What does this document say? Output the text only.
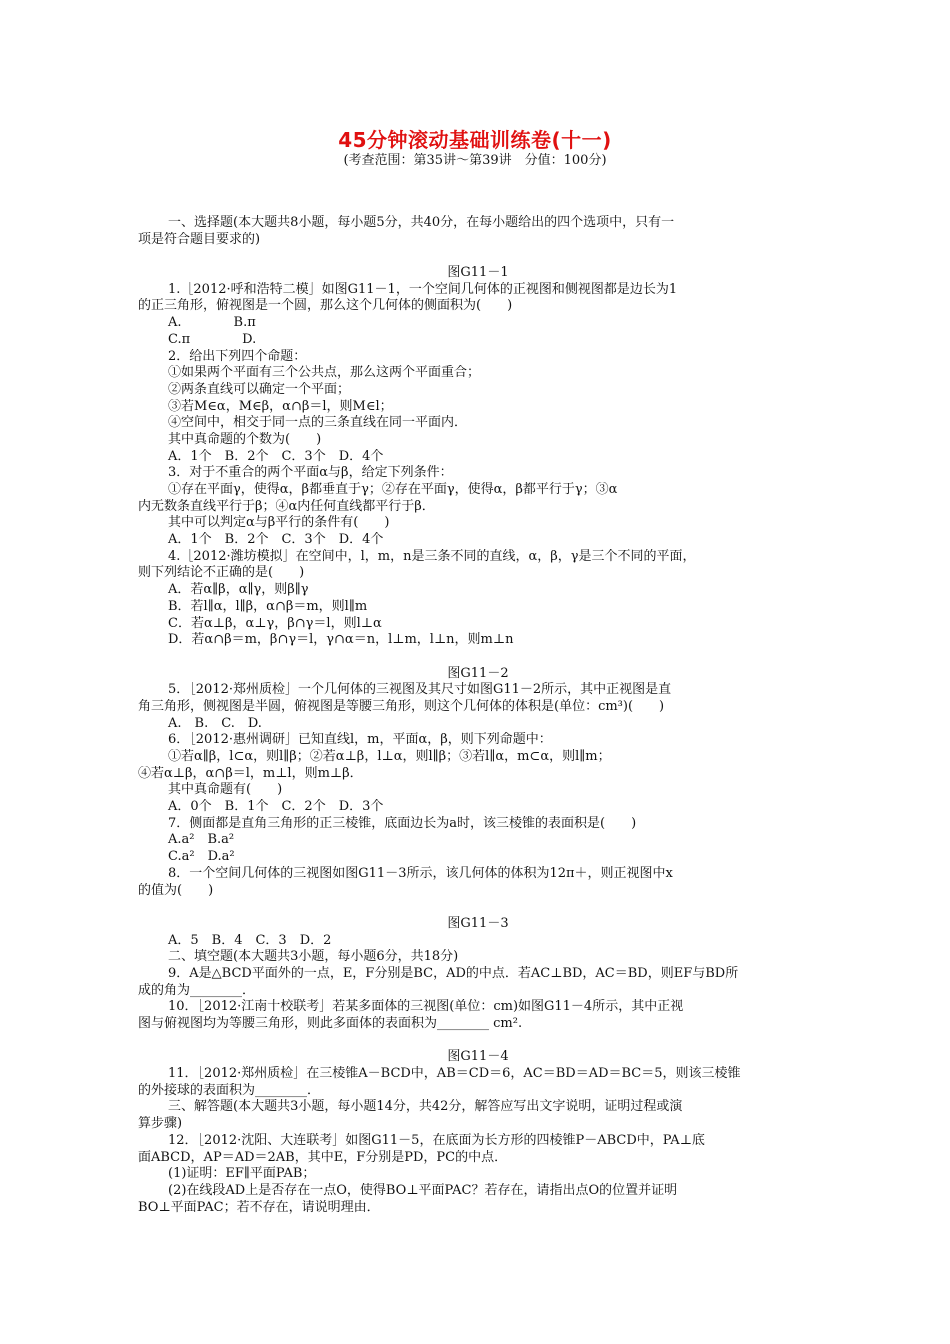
45分钟滚动基础训练卷(十一)
(考查范围：第35讲～第39讲　分值：100分)
一、选择题(本大题共8小题，每小题5分，共40分，在每小题给出的四个选项中，只有一
项是符合题目要求的)
图G11－1
1.［2012·呼和浩特二模］如图G11－1，一个空间几何体的正视图和侧视图都是边长为1
的正三角形，俯视图是一个圆，那么这个几何体的侧面积为(　　)
A.　　　　B.π
C.π　　　　D.
2．给出下列四个命题：
①如果两个平面有三个公共点，那么这两个平面重合；
②两条直线可以确定一个平面；
③若M∈α，M∈β，α∩β＝l，则M∈l；
④空间中，相交于同一点的三条直线在同一平面内．
其中真命题的个数为(　　)
A．1个　B．2个　C．3个　D．4个
3．对于不重合的两个平面α与β，给定下列条件：
①存在平面γ，使得α，β都垂直于γ；②存在平面γ，使得α，β都平行于γ；③α
内无数条直线平行于β；④α内任何直线都平行于β．
其中可以判定α与β平行的条件有(　　)
A．1个　B．2个　C．3个　D．4个
4.［2012·潍坊模拟］在空间中，l，m，n是三条不同的直线，α，β，γ是三个不同的平面，
则下列结论不正确的是(　　)
A．若α∥β，α∥γ，则β∥γ
B．若l∥α，l∥β，α∩β＝m，则l∥m
C．若α⊥β，α⊥γ，β∩γ＝l，则l⊥α
D．若α∩β＝m，β∩γ＝l，γ∩α＝n，l⊥m，l⊥n，则m⊥n
图G11－2
5．［2012·郑州质检］一个几何体的三视图及其尺寸如图G11－2所示，其中正视图是直
角三角形，侧视图是半圆，俯视图是等腰三角形，则这个几何体的体积是(单位：cm³)(　　)
A.　B.　C.　D.
6．［2012·惠州调研］已知直线l，m，平面α，β，则下列命题中：
①若α∥β，l⊂α，则l∥β；②若α⊥β，l⊥α，则l∥β；③若l∥α，m⊂α，则l∥m；
④若α⊥β，α∩β＝l，m⊥l，则m⊥β．
其中真命题有(　　)
A．0个　B．1个　C．2个　D．3个
7．侧面都是直角三角形的正三棱锥，底面边长为a时，该三棱锥的表面积是(　　)
A.a²　B.a²
C.a²　D.a²
8．一个空间几何体的三视图如图G11－3所示，该几何体的体积为12π＋，则正视图中x
的值为(　　)
图G11－3
A．5　B．4　C．3　D．2
二、填空题(本大题共3小题，每小题6分，共18分)
9．A是△BCD平面外的一点，E，F分别是BC，AD的中点．若AC⊥BD，AC＝BD，则EF与BD所
成的角为________．
10．［2012·江南十校联考］若某多面体的三视图(单位：cm)如图G11－4所示，其中正视
图与俯视图均为等腰三角形，则此多面体的表面积为________ cm².
图G11－4
11．［2012·郑州质检］在三棱锥A－BCD中，AB＝CD＝6，AC＝BD＝AD＝BC＝5，则该三棱锥
的外接球的表面积为________．
三、解答题(本大题共3小题，每小题14分，共42分，解答应写出文字说明，证明过程或演
算步骤)
12．［2012·沈阳、大连联考］如图G11－5，在底面为长方形的四棱锥P－ABCD中，PA⊥底
面ABCD，AP＝AD＝2AB，其中E，F分别是PD，PC的中点．
(1)证明：EF∥平面PAB；
(2)在线段AD上是否存在一点O，使得BO⊥平面PAC？若存在，请指出点O的位置并证明
BO⊥平面PAC；若不存在，请说明理由．
